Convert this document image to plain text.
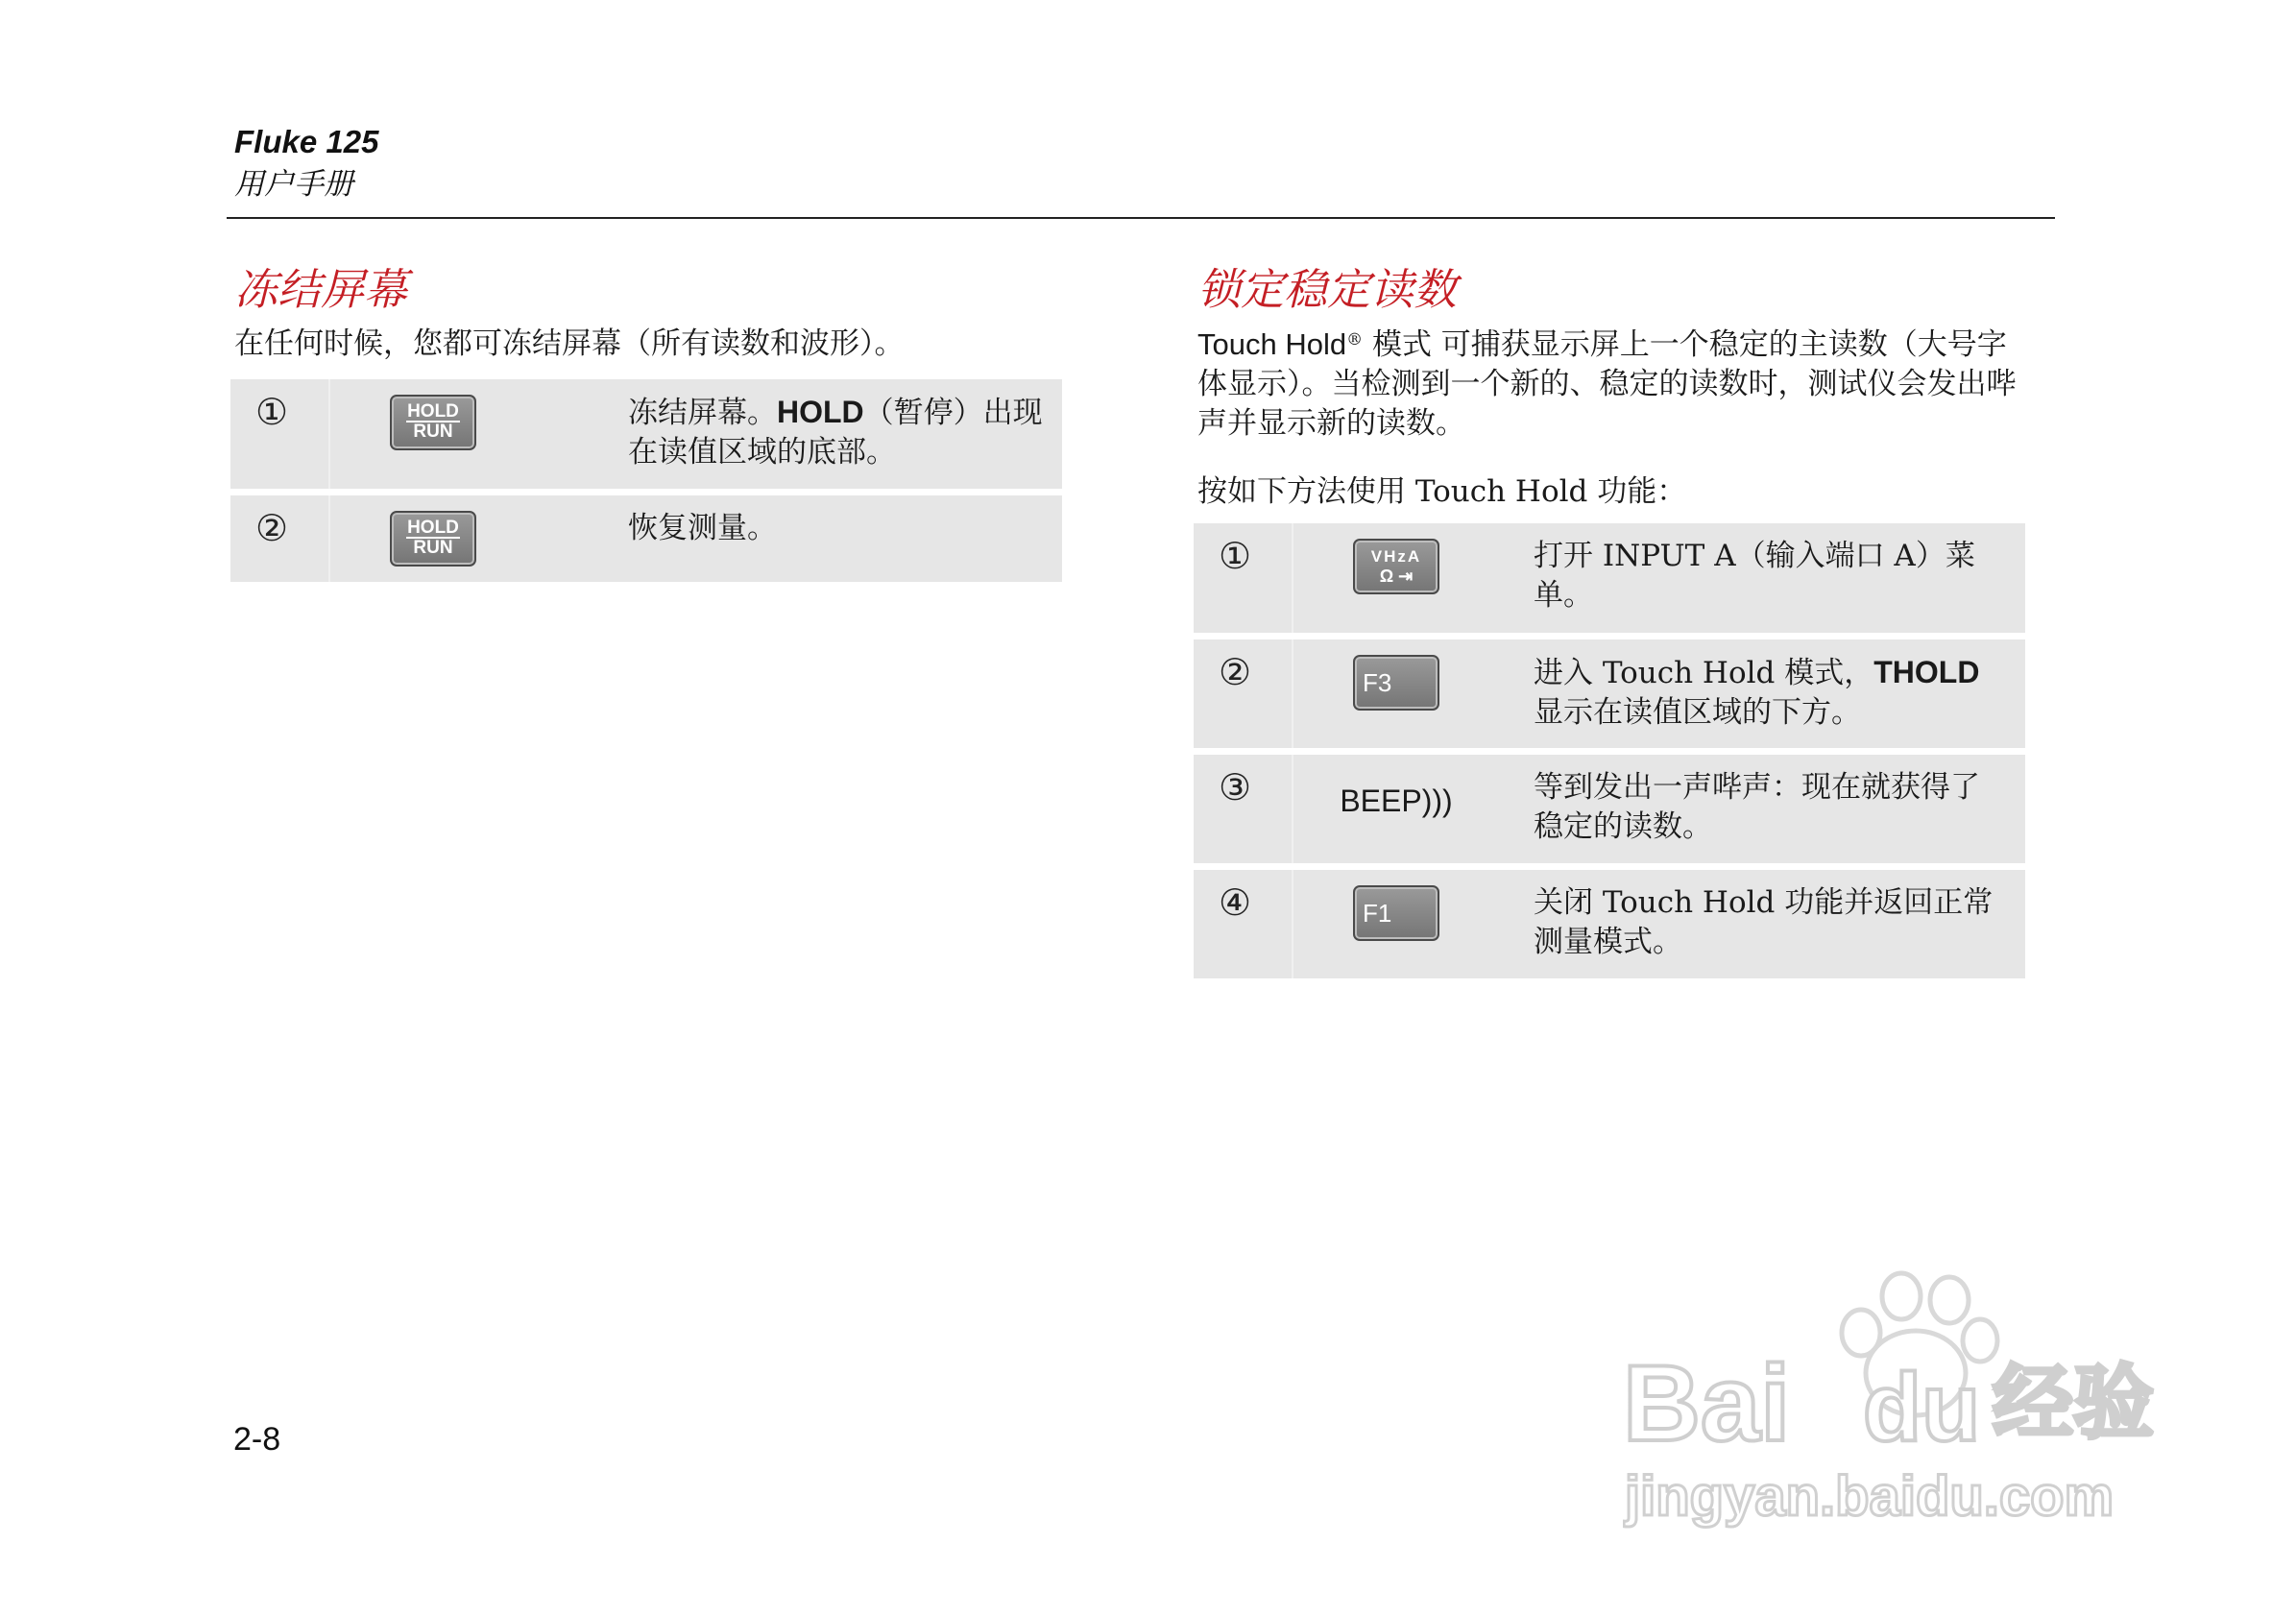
Fluke 125
用户手册
冻结屏幕
在任何时候，您都可冻结屏幕（所有读数和波形）。
①	HOLD
RUN
冻结屏幕。HOLD（暂停）出现在读值区域的底部。
②	HOLD
RUN
恢复测量。
锁定稳定读数
Touch Hold® 模式 可捕获显示屏上一个稳定的主读数（大号字体显示）。当检测到一个新的、稳定的读数时，测试仪会发出哔声并显示新的读数。
按如下方法使用 Touch Hold 功能：
①	VHzA
Ω ⇥
打开 INPUT A（输入端口 A）菜单。
②	F3	进入 Touch Hold 模式，THOLD
显示在读值区域的下方。
③	BEEP)))	等到发出一声哔声：现在就获得了稳定的读数。
④	F1	关闭 Touch Hold 功能并返回正常测量模式。
2-8	Bai du 经验
jingyan.baidu.com
